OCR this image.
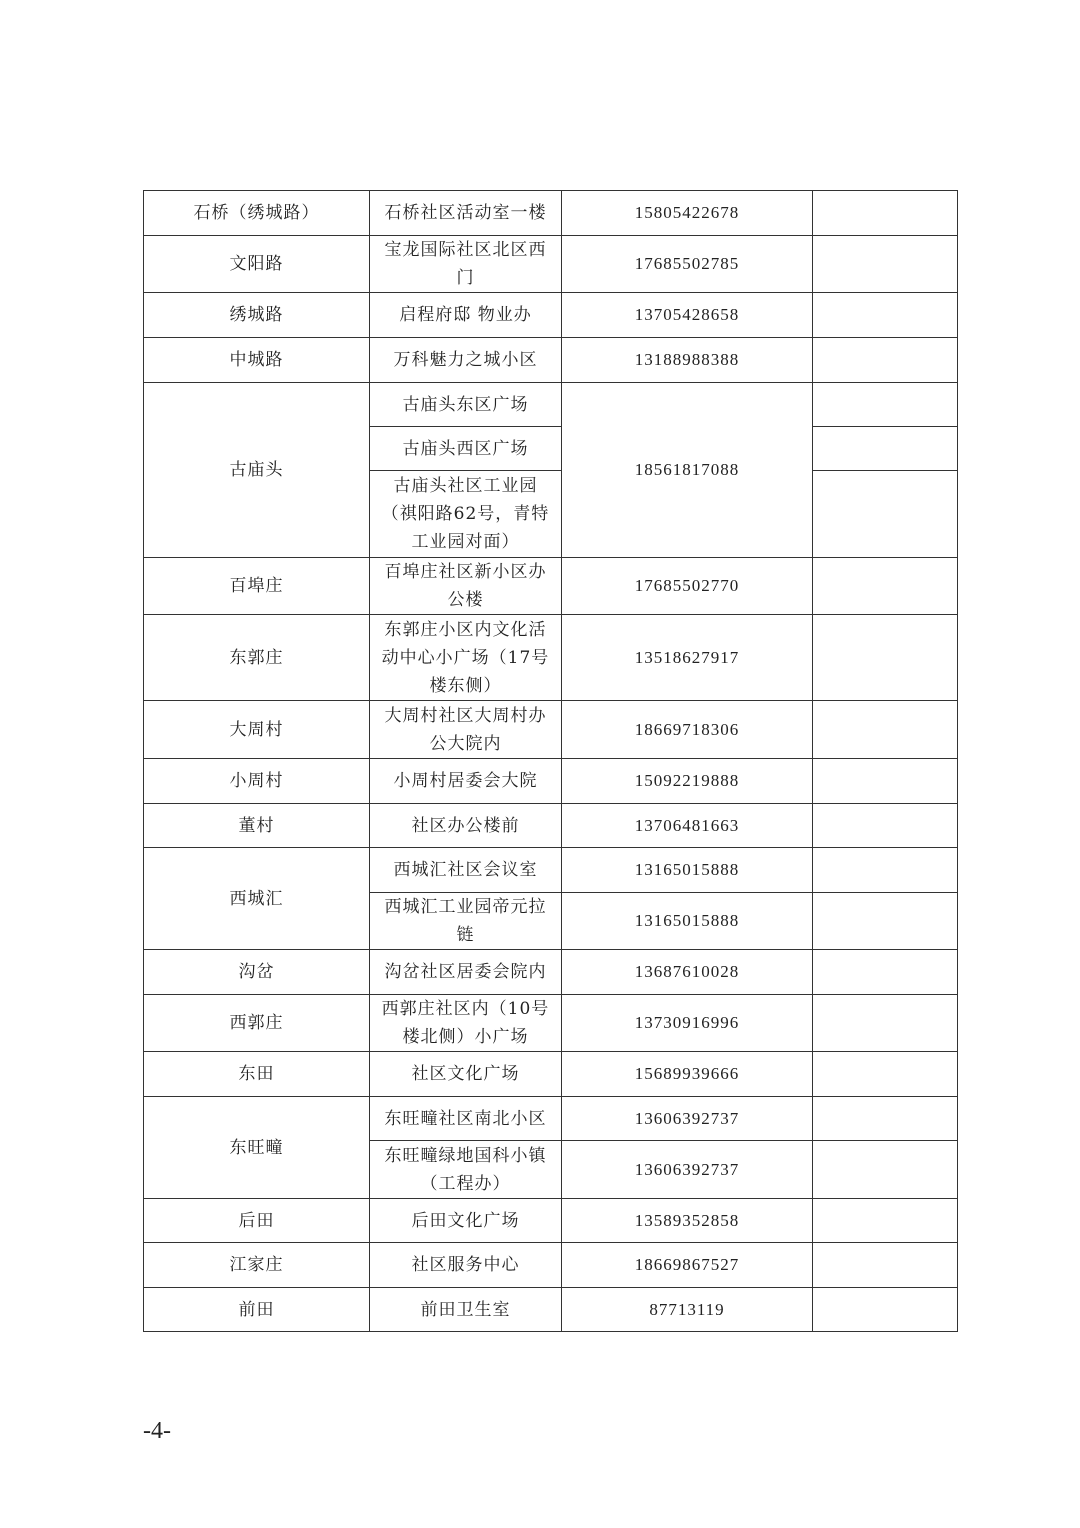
石桥（绣城路）	石桥社区活动室一楼	15805422678	
文阳路	宝龙国际社区北区西门	17685502785	
绣城路	启程府邸 物业办	13705428658	
中城路	万科魅力之城小区	13188988388	
古庙头	古庙头东区广场	18561817088	
	古庙头西区广场		
	古庙头社区工业园（祺阳路62号，青特工业园对面）		
百埠庄	百埠庄社区新小区办公楼	17685502770	
东郭庄	东郭庄小区内文化活动中心小广场（17号楼东侧）	13518627917	
大周村	大周村社区大周村办公大院内	18669718306	
小周村	小周村居委会大院	15092219888	
董村	社区办公楼前	13706481663	
西城汇	西城汇社区会议室	13165015888	
	西城汇工业园帝元拉链	13165015888	
沟岔	沟岔社区居委会院内	13687610028	
西郭庄	西郭庄社区内（10号楼北侧）小广场	13730916996	
东田	社区文化广场	15689939666	
东旺疃	东旺疃社区南北小区	13606392737	
	东旺疃绿地国科小镇（工程办）	13606392737	
后田	后田文化广场	13589352858	
江家庄	社区服务中心	18669867527	
前田	前田卫生室	87713119	
-4-
